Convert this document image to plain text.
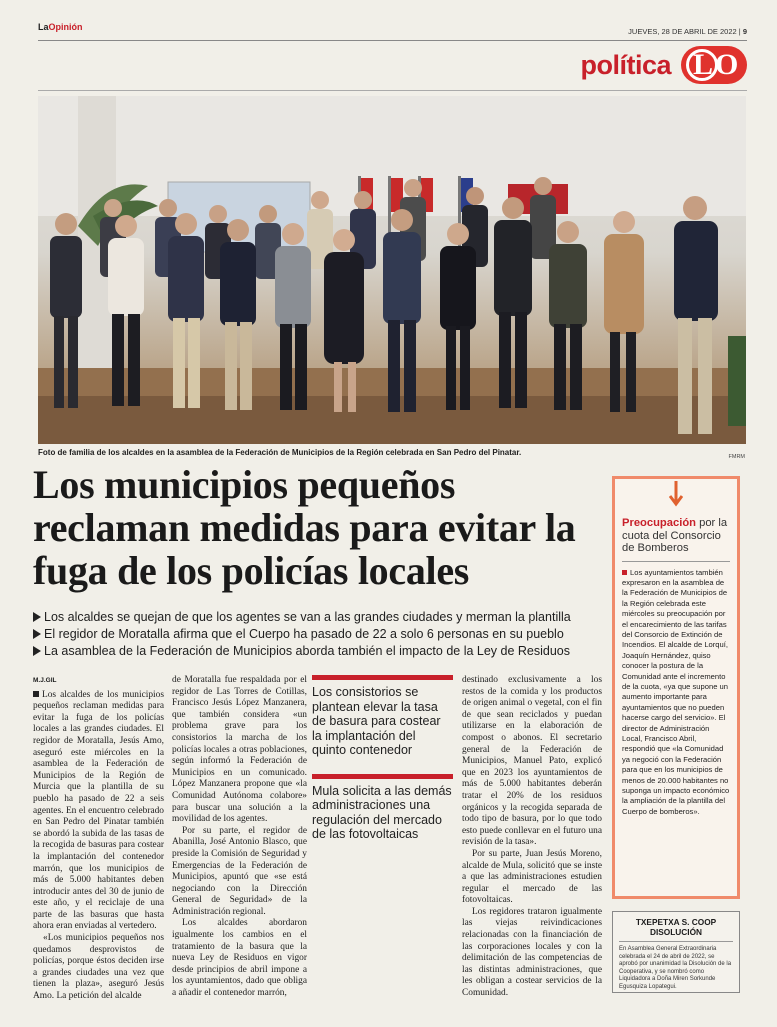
LaOpinión	JUEVES, 28 DE ABRIL DE 2022 | 9
política L O
Foto de familia de los alcaldes en la asamblea de la Federación de Municipios de la Región celebrada en San Pedro del Pinatar.	FMRM
Los municipios pequeños reclaman medidas para evitar la fuga de los policías locales
Los alcaldes se quejan de que los agentes se van a las grandes ciudades y merman la plantilla
El regidor de Moratalla afirma que el Cuerpo ha pasado de 22 a solo 6 personas en su pueblo
La asamblea de la Federación de Municipios aborda también el impacto de la Ley de Residuos
M.J.GIL

Los alcaldes de los municipios pequeños reclaman medidas para evitar la fuga de los policías locales a las grandes ciudades. El regidor de Moratalla, Jesús Amo, aseguró este miércoles en la asamblea de la Federación de Municipios de la Región de Murcia que la plantilla de su pueblo ha pasado de 22 a seis agentes. En el encuentro celebrado en San Pedro del Pinatar también se abordó la subida de las tasas de la recogida de basuras para costear la implantación del contenedor marrón, que los municipios de más de 5.000 habitantes deben introducir antes del 30 de junio de este año, y el reciclaje de una parte de las basuras que hasta ahora eran enviadas al vertedero.

«Los municipios pequeños nos quedamos desprovistos de policías, porque éstos deciden irse a grandes ciudades una vez que tienen la plaza», aseguró Jesús Amo. La petición del alcalde

de Moratalla fue respaldada por el regidor de Las Torres de Cotillas, Francisco Jesús López Manzanera, que también considera «un problema grave para los consistorios la marcha de los policías locales a otras poblaciones, según informó la Federación de Municipios en un comunicado. López Manzanera propone que «la Comunidad Autónoma colabore» para buscar una solución a la movilidad de los agentes.

Por su parte, el regidor de Abanilla, José Antonio Blasco, que preside la Comisión de Seguridad y Emergencias de la Federación de Municipios, apuntó que «se está negociando con la Dirección General de Seguridad» de la Administración regional.

Los alcaldes abordaron igualmente los cambios en el tratamiento de la basura que la nueva Ley de Residuos en vigor desde principios de abril impone a los ayuntamientos, dado que obliga a añadir el contenedor marrón,

Los consistorios se plantean elevar la tasa de basura para costear la implantación del quinto contenedor
Mula solicita a las demás administraciones una regulación del mercado de las fotovoltaicas

destinado exclusivamente a los restos de la comida y los productos de origen animal o vegetal, con el fin de que sean reciclados y puedan utilizarse en la elaboración de compost o abonos. El secretario general de la Federación de Municipios, Manuel Pato, explicó que en 2023 los ayuntamientos de más de 5.000 habitantes deberán tratar el 20% de los residuos orgánicos y la recogida separada de todo tipo de basura, por lo que todo esto puede conllevar en el futuro una revisión de la tasa».

Por su parte, Juan Jesús Moreno, alcalde de Mula, solicitó que se inste a que las administraciones estudien regular el mercado de las fotovoltaicas.

Los regidores trataron igualmente las viejas reivindicaciones relacionadas con la financiación de las corporaciones locales y con la delimitación de las competencias de las distintas administraciones, que les obligan a costear servicios de la Comunidad.

Preocupación por la cuota del Consorcio de Bomberos

Los ayuntamientos también expresaron en la asamblea de la Federación de Municipios de la Región celebrada este miércoles su preocupación por el encarecimiento de las tarifas del Consorcio de Extinción de Incendios. El alcalde de Lorquí, Joaquín Hernández, quiso conocer la postura de la Comunidad ante el incremento de la cuota, «ya que supone un aumento importante para ayuntamientos que no pueden hacerse cargo del servicio». El director de Administración Local, Francisco Abril, respondió que «la Comunidad ya negoció con la Federación para que en los municipios de menos de 20.000 habitantes no suponga un impacto económico la ampliación de la plantilla del Cuerpo de bomberos».

TXEPETXA S. COOP DISOLUCIÓN
En Asamblea General Extraordinaria celebrada el 24 de abril de 2022, se aprobó por unanimidad la Disolución de la Cooperativa, y se nombró como Liquidadora a Doña Miren Sorkunde Egusquiza Lopategui.
